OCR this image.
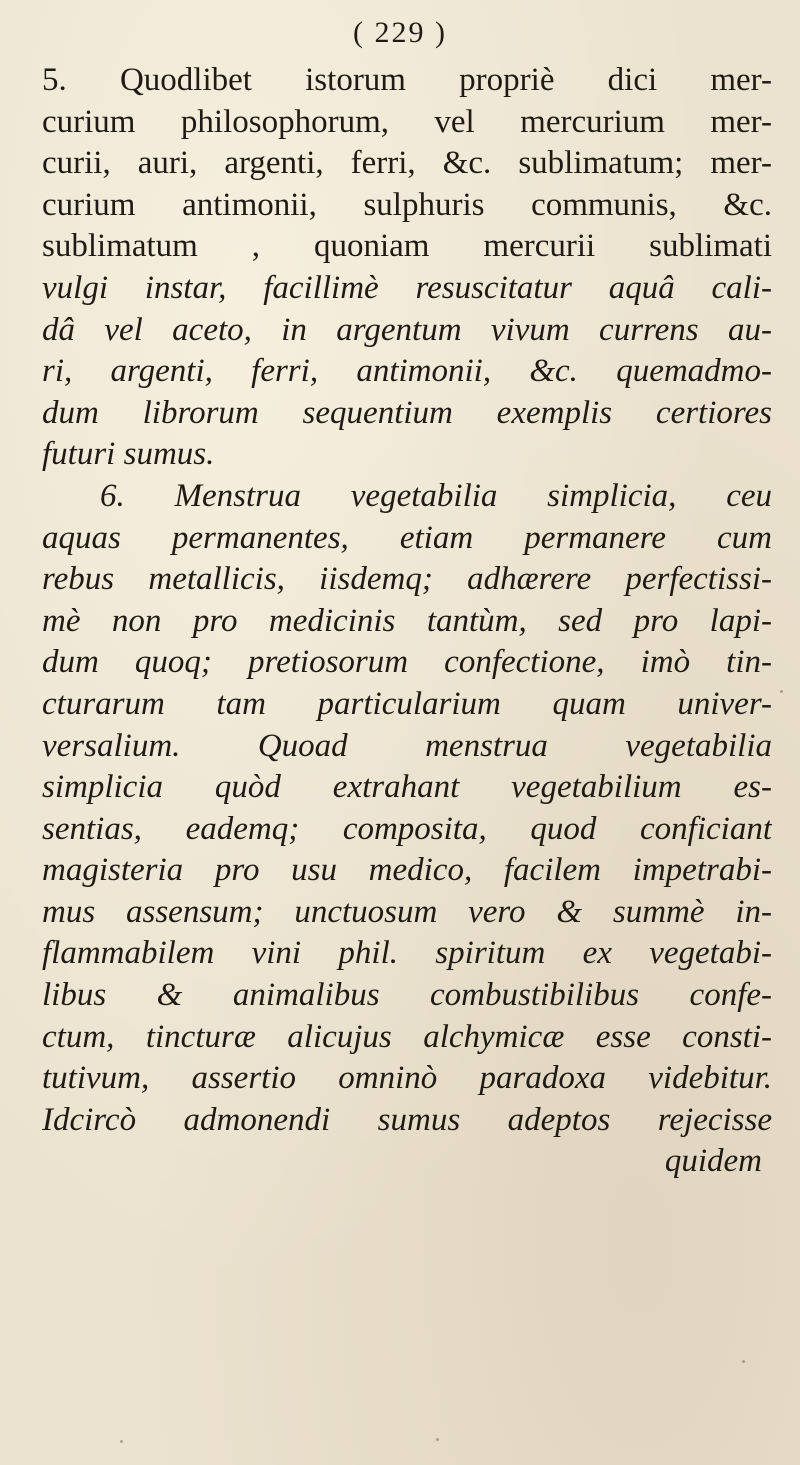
( 229 )
5. Quodlibet istorum propriè dici mer-
curium philosophorum, vel mercurium mer-
curii, auri, argenti, ferri, &c. sublimatum; mer-
curium antimonii, sulphuris communis, &c.
sublimatum , quoniam mercurii sublimati
vulgi instar, facillimè resuscitatur aquâ cali-
dâ vel aceto, in argentum vivum currens au-
ri, argenti, ferri, antimonii, &c. quemadmo-
dum librorum sequentium exemplis certiores
futuri sumus.
6. Menstrua vegetabilia simplicia, ceu
aquas permanentes, etiam permanere cum
rebus metallicis, iisdemq; adhærere perfectissi-
mè non pro medicinis tantùm, sed pro lapi-
dum quoq; pretiosorum confectione, imò tin-
cturarum tam particularium quam univer-
versalium. Quoad menstrua vegetabilia
simplicia quòd extrahant vegetabilium es-
sentias, eademq; composita, quod conficiant
magisteria pro usu medico, facilem impetrabi-
mus assensum; unctuosum vero & summè in-
flammabilem vini phil. spiritum ex vegetabi-
libus & animalibus combustibilibus confe-
ctum, tincturæ alicujus alchymicæ esse consti-
tutivum, assertio omninò paradoxa videbitur.
Idcircò admonendi sumus adeptos rejecisse
quidem
